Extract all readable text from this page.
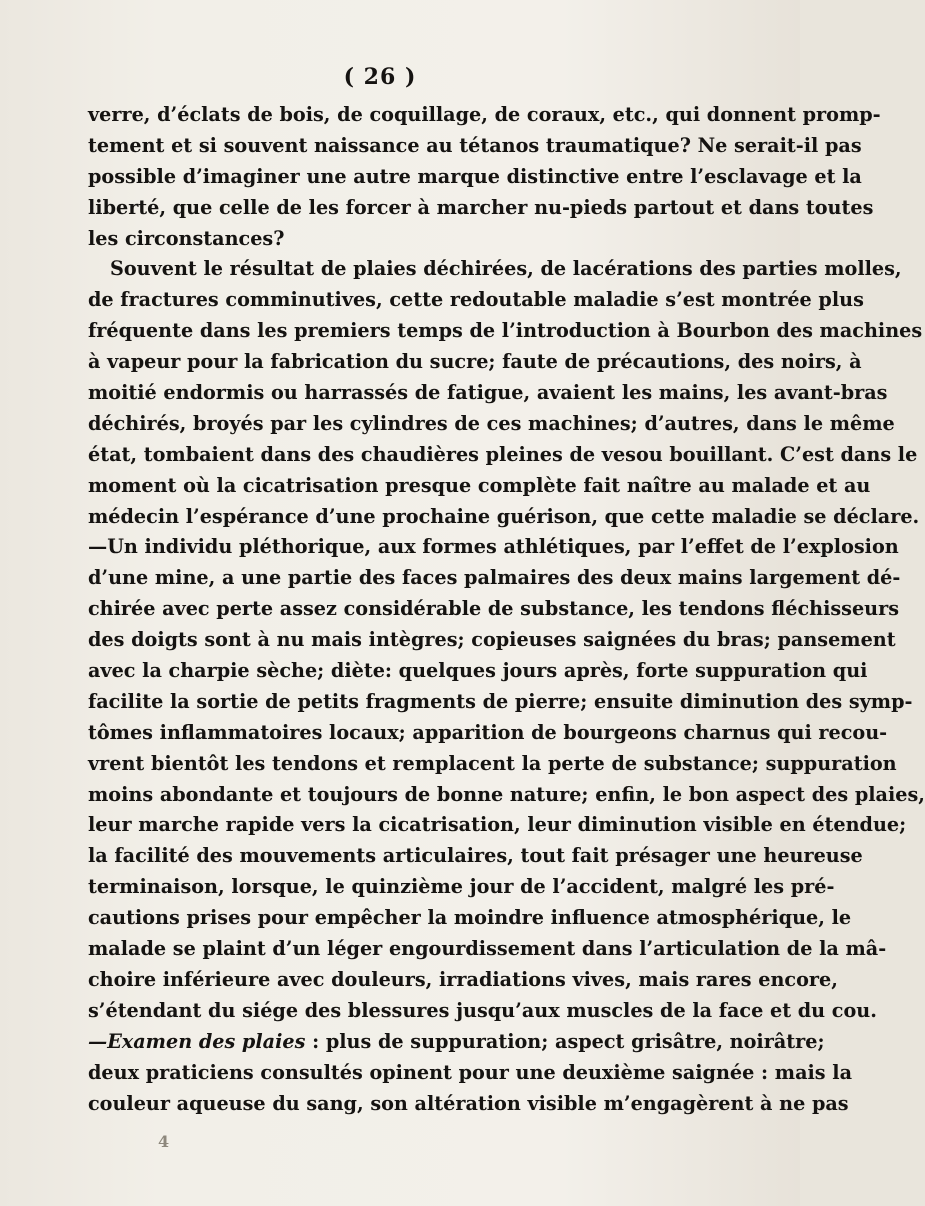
( 26 )
verre, d’éclats de bois, de coquillage, de coraux, etc., qui donnent promp-
tement et si souvent naissance au tétanos traumatique? Ne serait-il pas
possible d’imaginer une autre marque distinctive entre l’esclavage et la
liberté, que celle de les forcer à marcher nu-pieds partout et dans toutes
les circonstances?
Souvent le résultat de plaies déchirées, de lacérations des parties molles,
de fractures comminutives, cette redoutable maladie s’est montrée plus
fréquente dans les premiers temps de l’introduction à Bourbon des machines
à vapeur pour la fabrication du sucre; faute de précautions, des noirs, à
moitié endormis ou harrassés de fatigue, avaient les mains, les avant-bras
déchirés, broyés par les cylindres de ces machines; d’autres, dans le même
état, tombaient dans des chaudières pleines de vesou bouillant. C’est dans le
moment où la cicatrisation presque complète fait naître au malade et au
médecin l’espérance d’une prochaine guérison, que cette maladie se déclare.
—Un individu pléthorique, aux formes athlétiques, par l’effet de l’explosion
d’une mine, a une partie des faces palmaires des deux mains largement dé-
chirée avec perte assez considérable de substance, les tendons fléchisseurs
des doigts sont à nu mais intègres; copieuses saignées du bras; pansement
avec la charpie sèche; diète: quelques jours après, forte suppuration qui
facilite la sortie de petits fragments de pierre; ensuite diminution des symp-
tômes inflammatoires locaux; apparition de bourgeons charnus qui recou-
vrent bientôt les tendons et remplacent la perte de substance; suppuration
moins abondante et toujours de bonne nature; enfin, le bon aspect des plaies,
leur marche rapide vers la cicatrisation, leur diminution visible en étendue;
la facilité des mouvements articulaires, tout fait présager une heureuse
terminaison, lorsque, le quinzième jour de l’accident, malgré les pré-
cautions prises pour empêcher la moindre influence atmosphérique, le
malade se plaint d’un léger engourdissement dans l’articulation de la mâ-
choire inférieure avec douleurs, irradiations vives, mais rares encore,
s’étendant du siége des blessures jusqu’aux muscles de la face et du cou.
—Examen des plaies : plus de suppuration; aspect grisâtre, noirâtre;
deux praticiens consultés opinent pour une deuxième saignée : mais la
couleur aqueuse du sang, son altération visible m’engagèrent à ne pas
4
